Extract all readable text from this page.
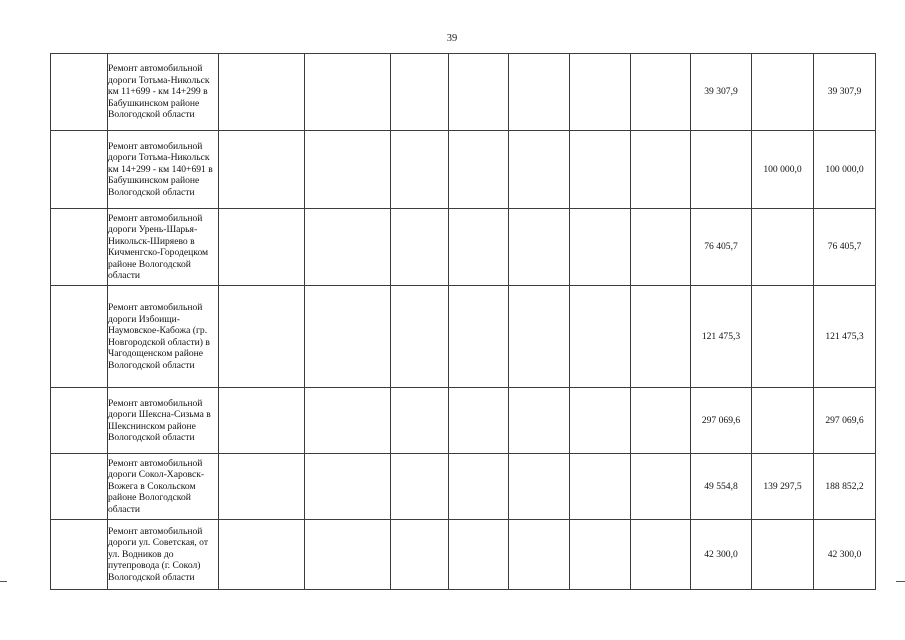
39
	Ремонт автомобильной дороги Тотьма-Никольск км 11+699 - км 14+299 в Бабушкинском районе Вологодской области								39 307,9		39 307,9
	Ремонт автомобильной дороги Тотьма-Никольск км 14+299 - км 140+691 в Бабушкинском районе Вологодской области									100 000,0	100 000,0
	Ремонт автомобильной дороги Урень-Шарья-Никольск-Ширяево в Кичменгско-Городецком районе Вологодской области								76 405,7		76 405,7
	Ремонт автомобильной дороги Избоищи-Наумовское-Кабожа (гр. Новгородской области) в Чагодощенском районе Вологодской области								121 475,3		121 475,3
	Ремонт автомобильной дороги Шексна-Сизьма в Шекснинском районе Вологодской области								297 069,6		297 069,6
	Ремонт автомобильной дороги Сокол-Харовск- Вожега в Сокольском районе Вологодской области								49 554,8	139 297,5	188 852,2
	Ремонт автомобильной дороги ул. Советская, от ул. Водников до путепровода (г. Сокол) Вологодской области								42 300,0		42 300,0
